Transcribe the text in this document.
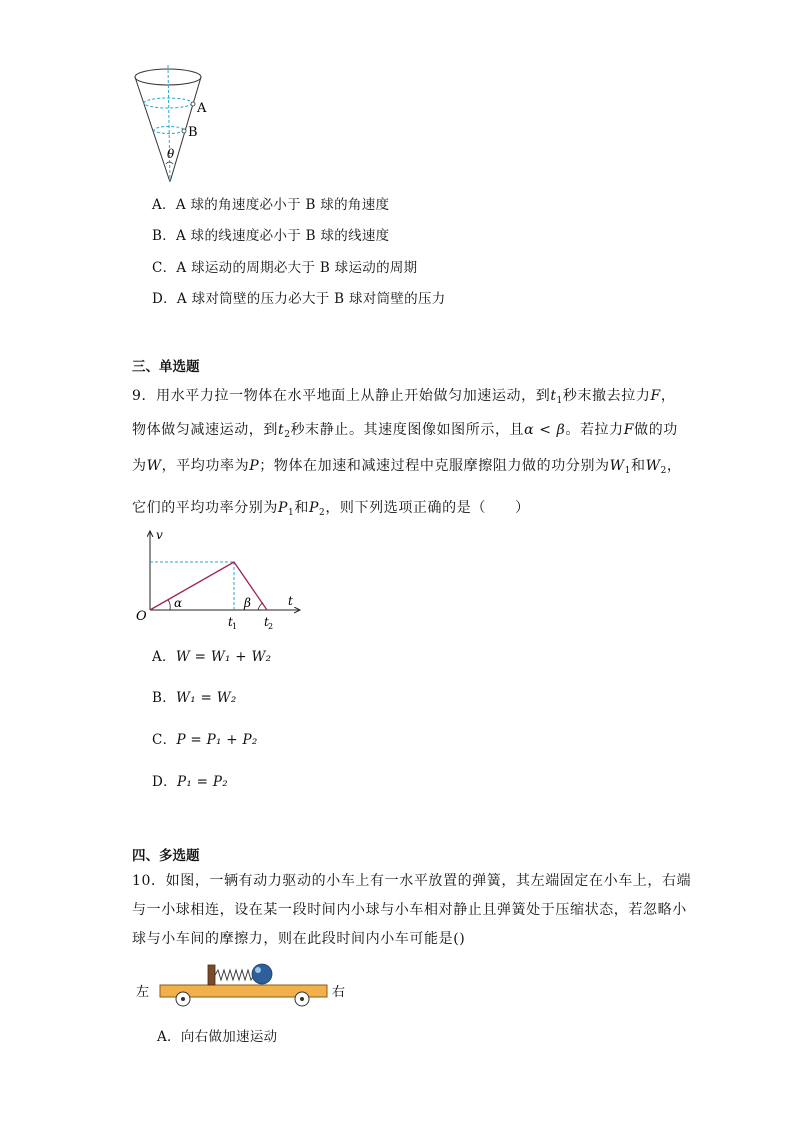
A
B
θ
A．A 球的角速度必小于 B 球的角速度
B．A 球的线速度必小于 B 球的线速度
C．A 球运动的周期必大于 B 球运动的周期
D．A 球对筒壁的压力必大于 B 球对筒壁的压力
三、单选题
9．用水平力拉一物体在水平地面上从静止开始做匀加速运动，到$t_1$秒末撤去拉力F，
物体做匀减速运动，到$t_2$秒末静止。其速度图像如图所示，且α < β。若拉力F做的功
为W，平均功率为P；物体在加速和减速过程中克服摩擦阻力做的功分别为$W_1$和$W_2$，
它们的平均功率分别为$P_1$和$P_2$，则下列选项正确的是（　　）
v
t
O
α	β
t 1 t 2
A．W = W₁ + W₂
B．W₁ = W₂
C．P = P₁ + P₂
D．P₁ = P₂
四、多选题
10．如图，一辆有动力驱动的小车上有一水平放置的弹簧，其左端固定在小车上，右端
与一小球相连，设在某一段时间内小球与小车相对静止且弹簧处于压缩状态，若忽略小
球与小车间的摩擦力，则在此段时间内小车可能是()
左	右
A．向右做加速运动
